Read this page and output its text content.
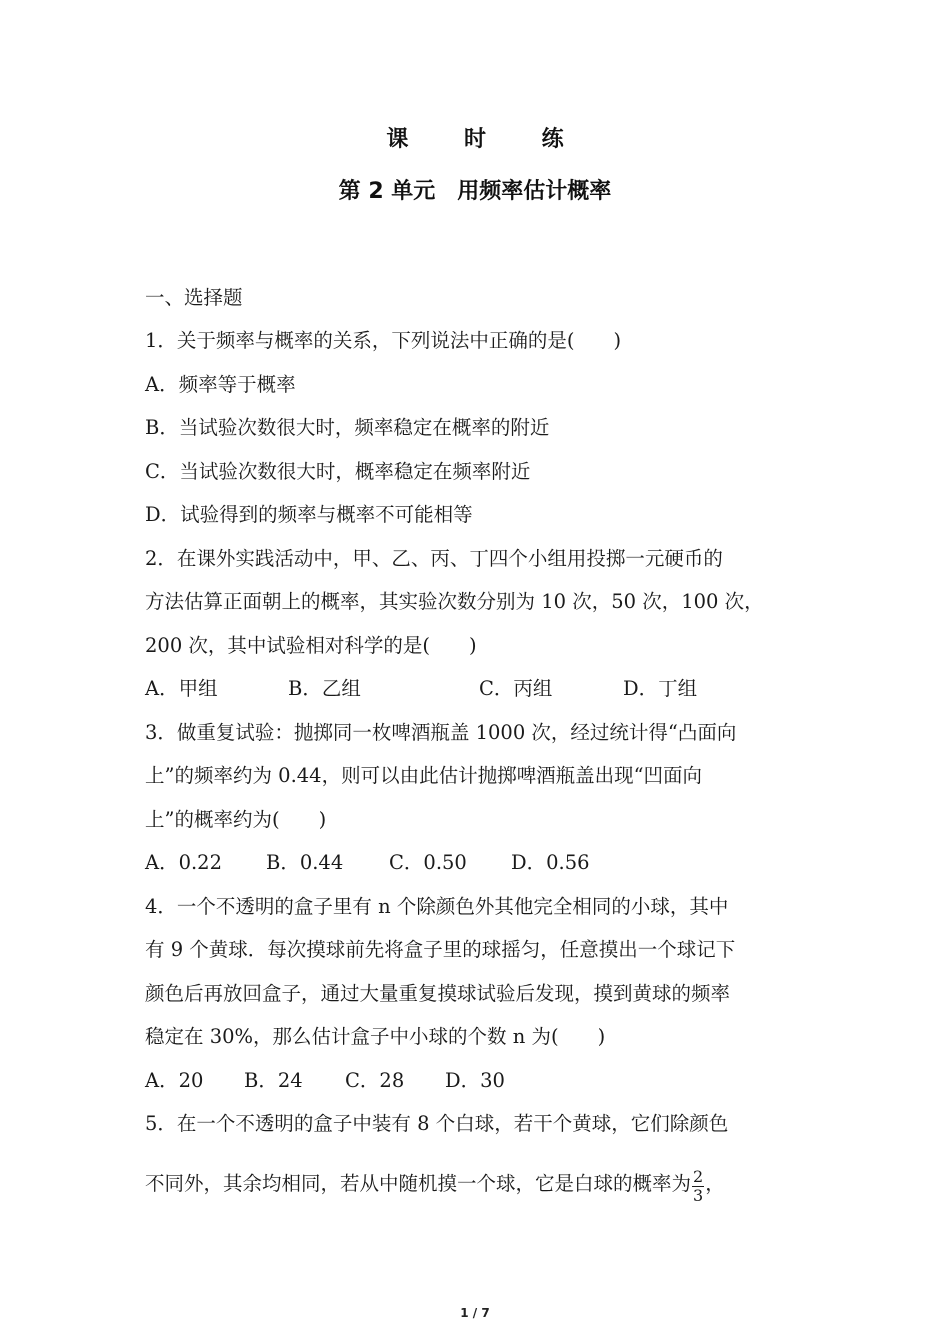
课 时 练
第 2 单元　用频率估计概率
一、选择题
1．关于频率与概率的关系，下列说法中正确的是(　　)
A．频率等于概率
B．当试验次数很大时，频率稳定在概率的附近
C．当试验次数很大时，概率稳定在频率附近
D．试验得到的频率与概率不可能相等
2．在课外实践活动中，甲、乙、丙、丁四个小组用投掷一元硬币的
方法估算正面朝上的概率，其实验次数分别为 10 次，50 次，100 次，
200 次，其中试验相对科学的是(　　)
A．甲组	B．乙组	C．丙组	D．丁组
3．做重复试验：抛掷同一枚啤酒瓶盖 1000 次，经过统计得“凸面向
上”的频率约为 0.44，则可以由此估计抛掷啤酒瓶盖出现“凹面向
上”的概率约为(　　)
A．0.22 B．0.44 C．0.50 D．0.56
4．一个不透明的盒子里有 n 个除颜色外其他完全相同的小球，其中
有 9 个黄球．每次摸球前先将盒子里的球摇匀，任意摸出一个球记下
颜色后再放回盒子，通过大量重复摸球试验后发现，摸到黄球的频率
稳定在 30%，那么估计盒子中小球的个数 n 为(　　)
A．20 B．24 C．28 D．30
5．在一个不透明的盒子中装有 8 个白球，若干个黄球，它们除颜色
不同外，其余均相同，若从中随机摸一个球，它是白球的概率为 $\frac{2}{3}$ ，
1 / 7
